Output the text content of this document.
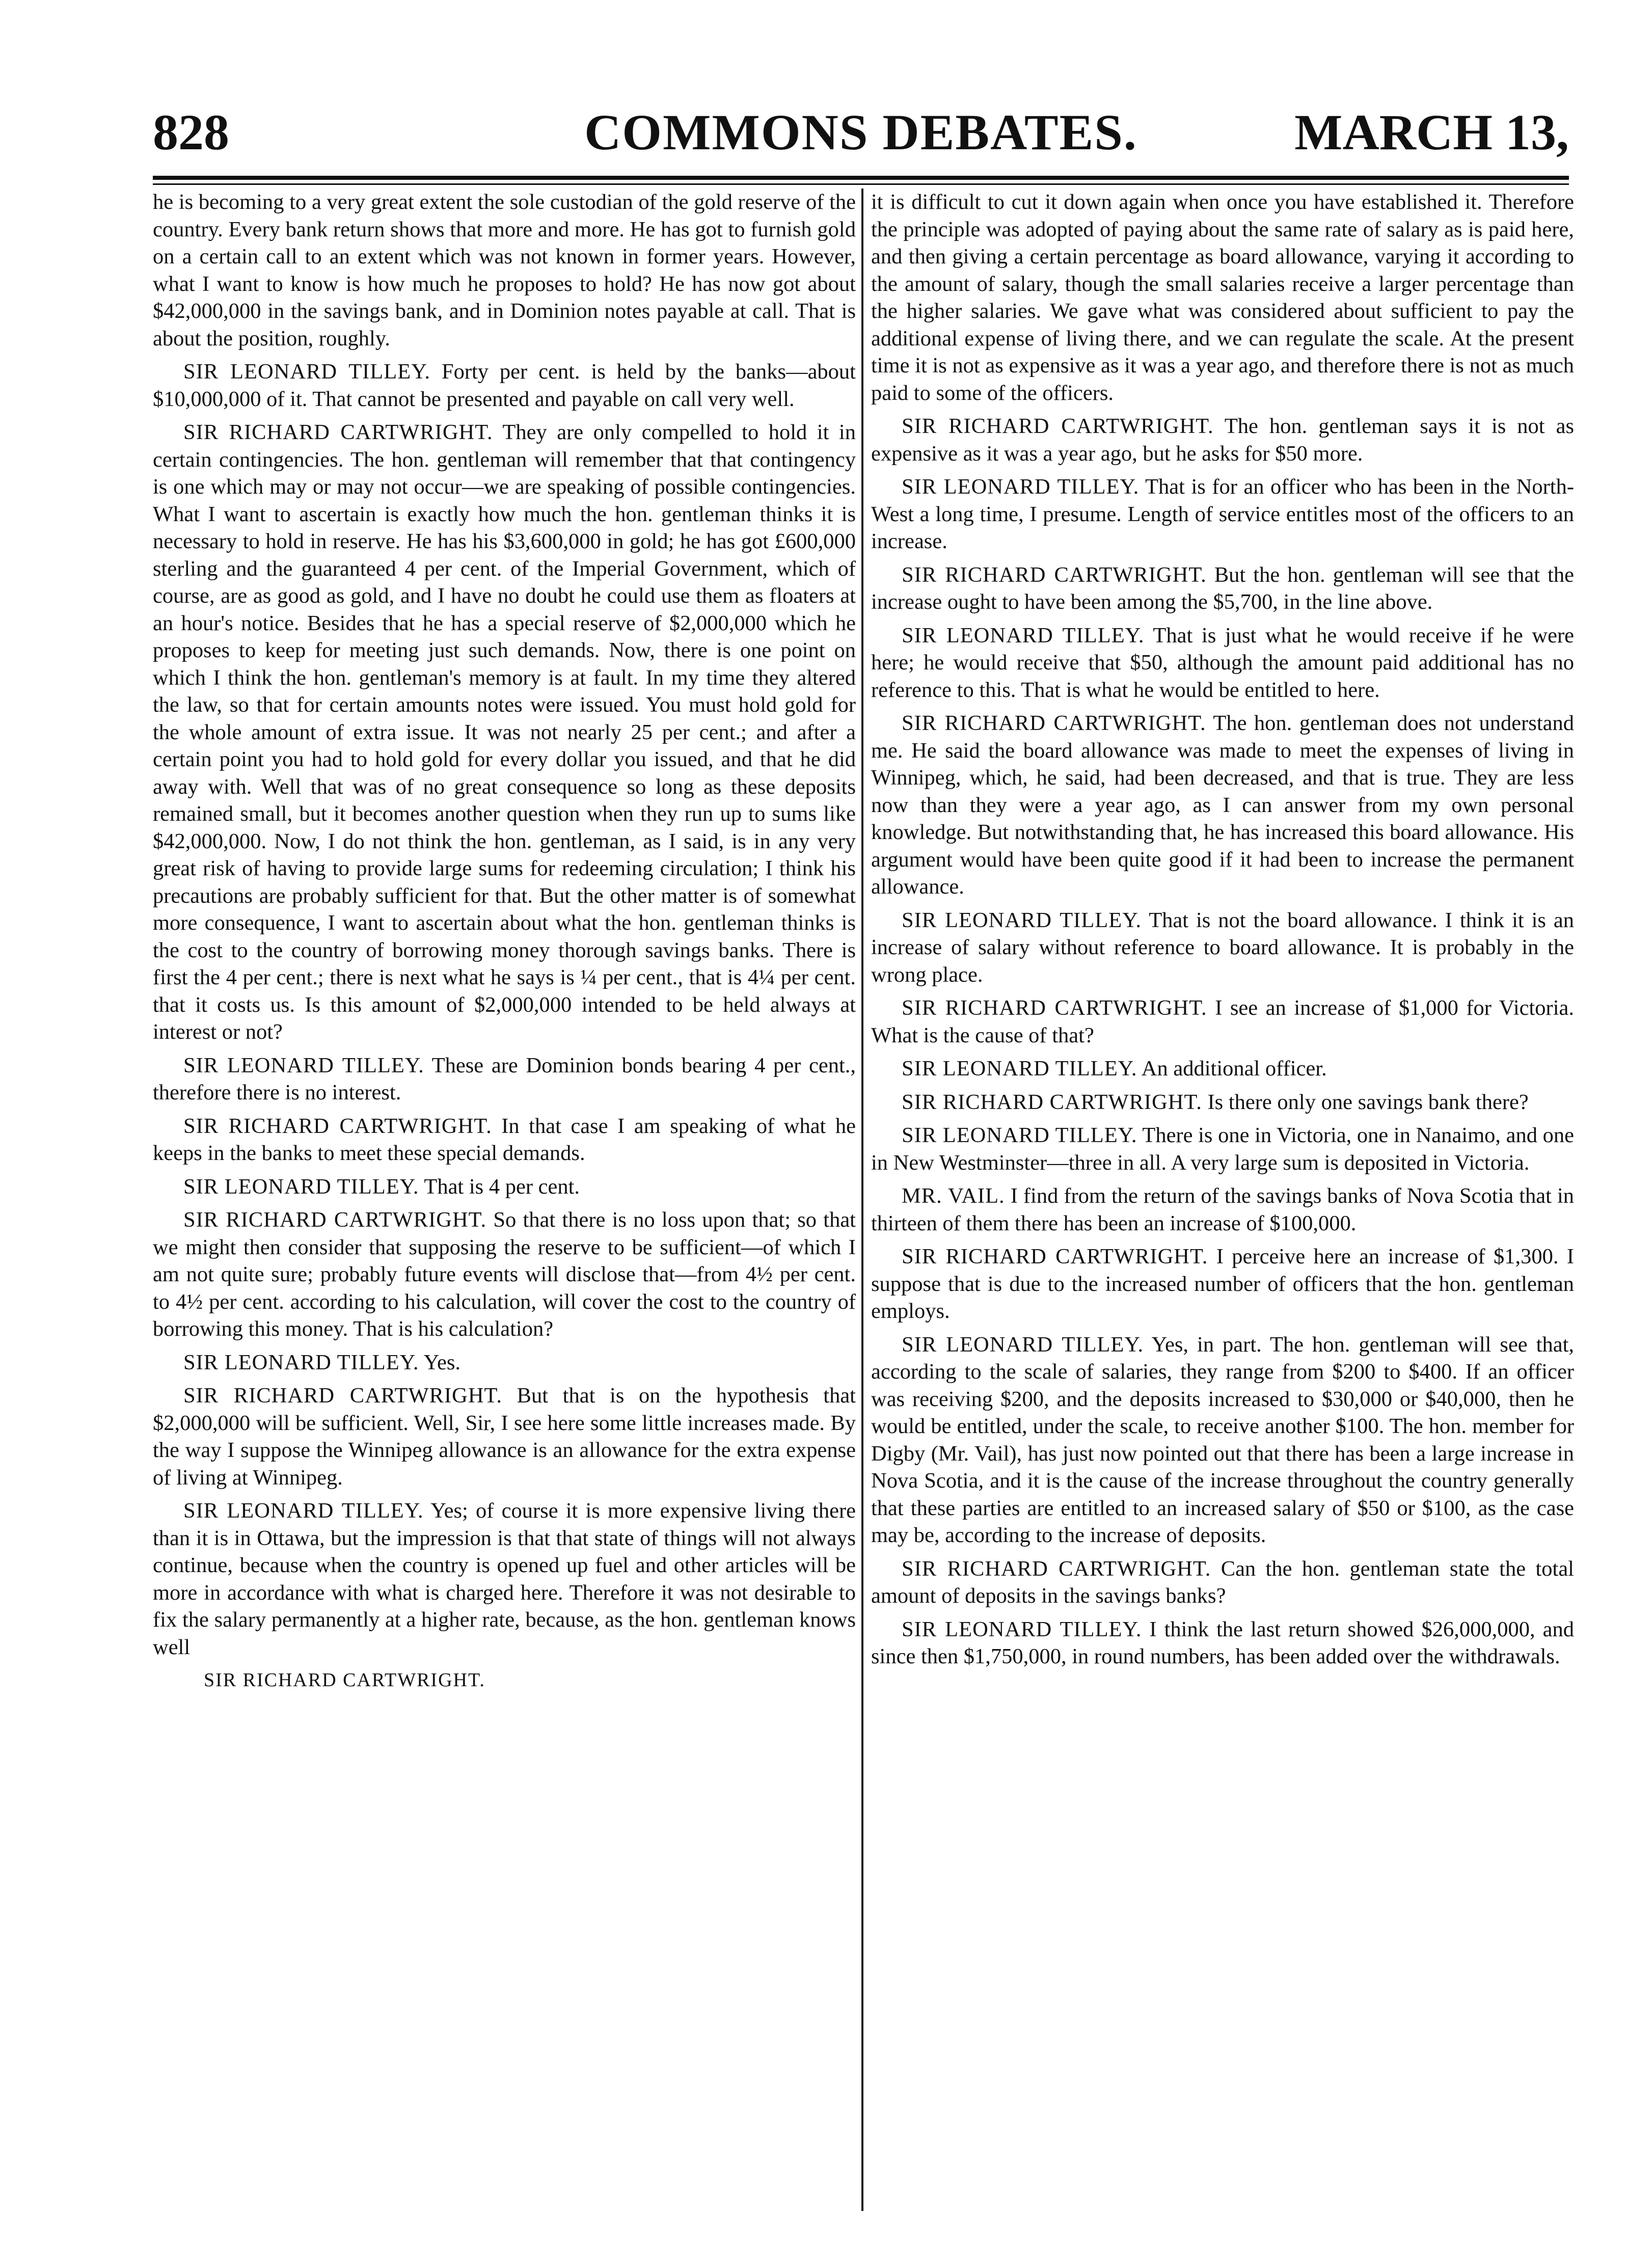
828	COMMONS DEBATES.	MARCH 13,

he is becoming to a very great extent the sole custodian of the gold reserve of the country. Every bank return shows that more and more. He has got to furnish gold on a certain call to an extent which was not known in former years. However, what I want to know is how much he proposes to hold? He has now got about $42,000,000 in the savings bank, and in Dominion notes payable at call. That is about the position, roughly.

SIR LEONARD TILLEY. Forty per cent. is held by the banks—about $10,000,000 of it. That cannot be presented and payable on call very well.

SIR RICHARD CARTWRIGHT. They are only compelled to hold it in certain contingencies. The hon. gentleman will remember that that contingency is one which may or may not occur—we are speaking of possible contingencies. What I want to ascertain is exactly how much the hon. gentleman thinks it is necessary to hold in reserve. He has his $3,600,000 in gold; he has got £600,000 sterling and the guaranteed 4 per cent. of the Imperial Government, which of course, are as good as gold, and I have no doubt he could use them as floaters at an hour's notice. Besides that he has a special reserve of $2,000,000 which he proposes to keep for meeting just such demands. Now, there is one point on which I think the hon. gentleman's memory is at fault. In my time they altered the law, so that for certain amounts notes were issued. You must hold gold for the whole amount of extra issue. It was not nearly 25 per cent.; and after a certain point you had to hold gold for every dollar you issued, and that he did away with. Well that was of no great consequence so long as these deposits remained small, but it becomes another question when they run up to sums like $42,000,000. Now, I do not think the hon. gentleman, as I said, is in any very great risk of having to provide large sums for redeeming circulation; I think his precautions are probably sufficient for that. But the other matter is of somewhat more consequence, I want to ascertain about what the hon. gentleman thinks is the cost to the country of borrowing money thorough savings banks. There is first the 4 per cent.; there is next what he says is ¼ per cent., that is 4¼ per cent. that it costs us. Is this amount of $2,000,000 intended to be held always at interest or not?

SIR LEONARD TILLEY. These are Dominion bonds bearing 4 per cent., therefore there is no interest.

SIR RICHARD CARTWRIGHT. In that case I am speaking of what he keeps in the banks to meet these special demands.

SIR LEONARD TILLEY. That is 4 per cent.

SIR RICHARD CARTWRIGHT. So that there is no loss upon that; so that we might then consider that supposing the reserve to be sufficient—of which I am not quite sure; probably future events will disclose that—from 4½ per cent. to 4½ per cent. according to his calculation, will cover the cost to the country of borrowing this money. That is his calculation?

SIR LEONARD TILLEY. Yes.

SIR RICHARD CARTWRIGHT. But that is on the hypothesis that $2,000,000 will be sufficient. Well, Sir, I see here some little increases made. By the way I suppose the Winnipeg allowance is an allowance for the extra expense of living at Winnipeg.

SIR LEONARD TILLEY. Yes; of course it is more expensive living there than it is in Ottawa, but the impression is that that state of things will not always continue, because when the country is opened up fuel and other articles will be more in accordance with what is charged here. Therefore it was not desirable to fix the salary permanently at a higher rate, because, as the hon. gentleman knows well

SIR RICHARD CARTWRIGHT.

it is difficult to cut it down again when once you have established it. Therefore the principle was adopted of paying about the same rate of salary as is paid here, and then giving a certain percentage as board allowance, varying it according to the amount of salary, though the small salaries receive a larger percentage than the higher salaries. We gave what was considered about sufficient to pay the additional expense of living there, and we can regulate the scale. At the present time it is not as expensive as it was a year ago, and therefore there is not as much paid to some of the officers.

SIR RICHARD CARTWRIGHT. The hon. gentleman says it is not as expensive as it was a year ago, but he asks for $50 more.

SIR LEONARD TILLEY. That is for an officer who has been in the North-West a long time, I presume. Length of service entitles most of the officers to an increase.

SIR RICHARD CARTWRIGHT. But the hon. gentleman will see that the increase ought to have been among the $5,700, in the line above.

SIR LEONARD TILLEY. That is just what he would receive if he were here; he would receive that $50, although the amount paid additional has no reference to this. That is what he would be entitled to here.

SIR RICHARD CARTWRIGHT. The hon. gentleman does not understand me. He said the board allowance was made to meet the expenses of living in Winnipeg, which, he said, had been decreased, and that is true. They are less now than they were a year ago, as I can answer from my own personal knowledge. But notwithstanding that, he has increased this board allowance. His argument would have been quite good if it had been to increase the permanent allowance.

SIR LEONARD TILLEY. That is not the board allowance. I think it is an increase of salary without reference to board allowance. It is probably in the wrong place.

SIR RICHARD CARTWRIGHT. I see an increase of $1,000 for Victoria. What is the cause of that?

SIR LEONARD TILLEY. An additional officer.

SIR RICHARD CARTWRIGHT. Is there only one savings bank there?

SIR LEONARD TILLEY. There is one in Victoria, one in Nanaimo, and one in New Westminster—three in all. A very large sum is deposited in Victoria.

MR. VAIL. I find from the return of the savings banks of Nova Scotia that in thirteen of them there has been an increase of $100,000.

SIR RICHARD CARTWRIGHT. I perceive here an increase of $1,300. I suppose that is due to the increased number of officers that the hon. gentleman employs.

SIR LEONARD TILLEY. Yes, in part. The hon. gentleman will see that, according to the scale of salaries, they range from $200 to $400. If an officer was receiving $200, and the deposits increased to $30,000 or $40,000, then he would be entitled, under the scale, to receive another $100. The hon. member for Digby (Mr. Vail), has just now pointed out that there has been a large increase in Nova Scotia, and it is the cause of the increase throughout the country generally that these parties are entitled to an increased salary of $50 or $100, as the case may be, according to the increase of deposits.

SIR RICHARD CARTWRIGHT. Can the hon. gentleman state the total amount of deposits in the savings banks?

SIR LEONARD TILLEY. I think the last return showed $26,000,000, and since then $1,750,000, in round numbers, has been added over the withdrawals.
